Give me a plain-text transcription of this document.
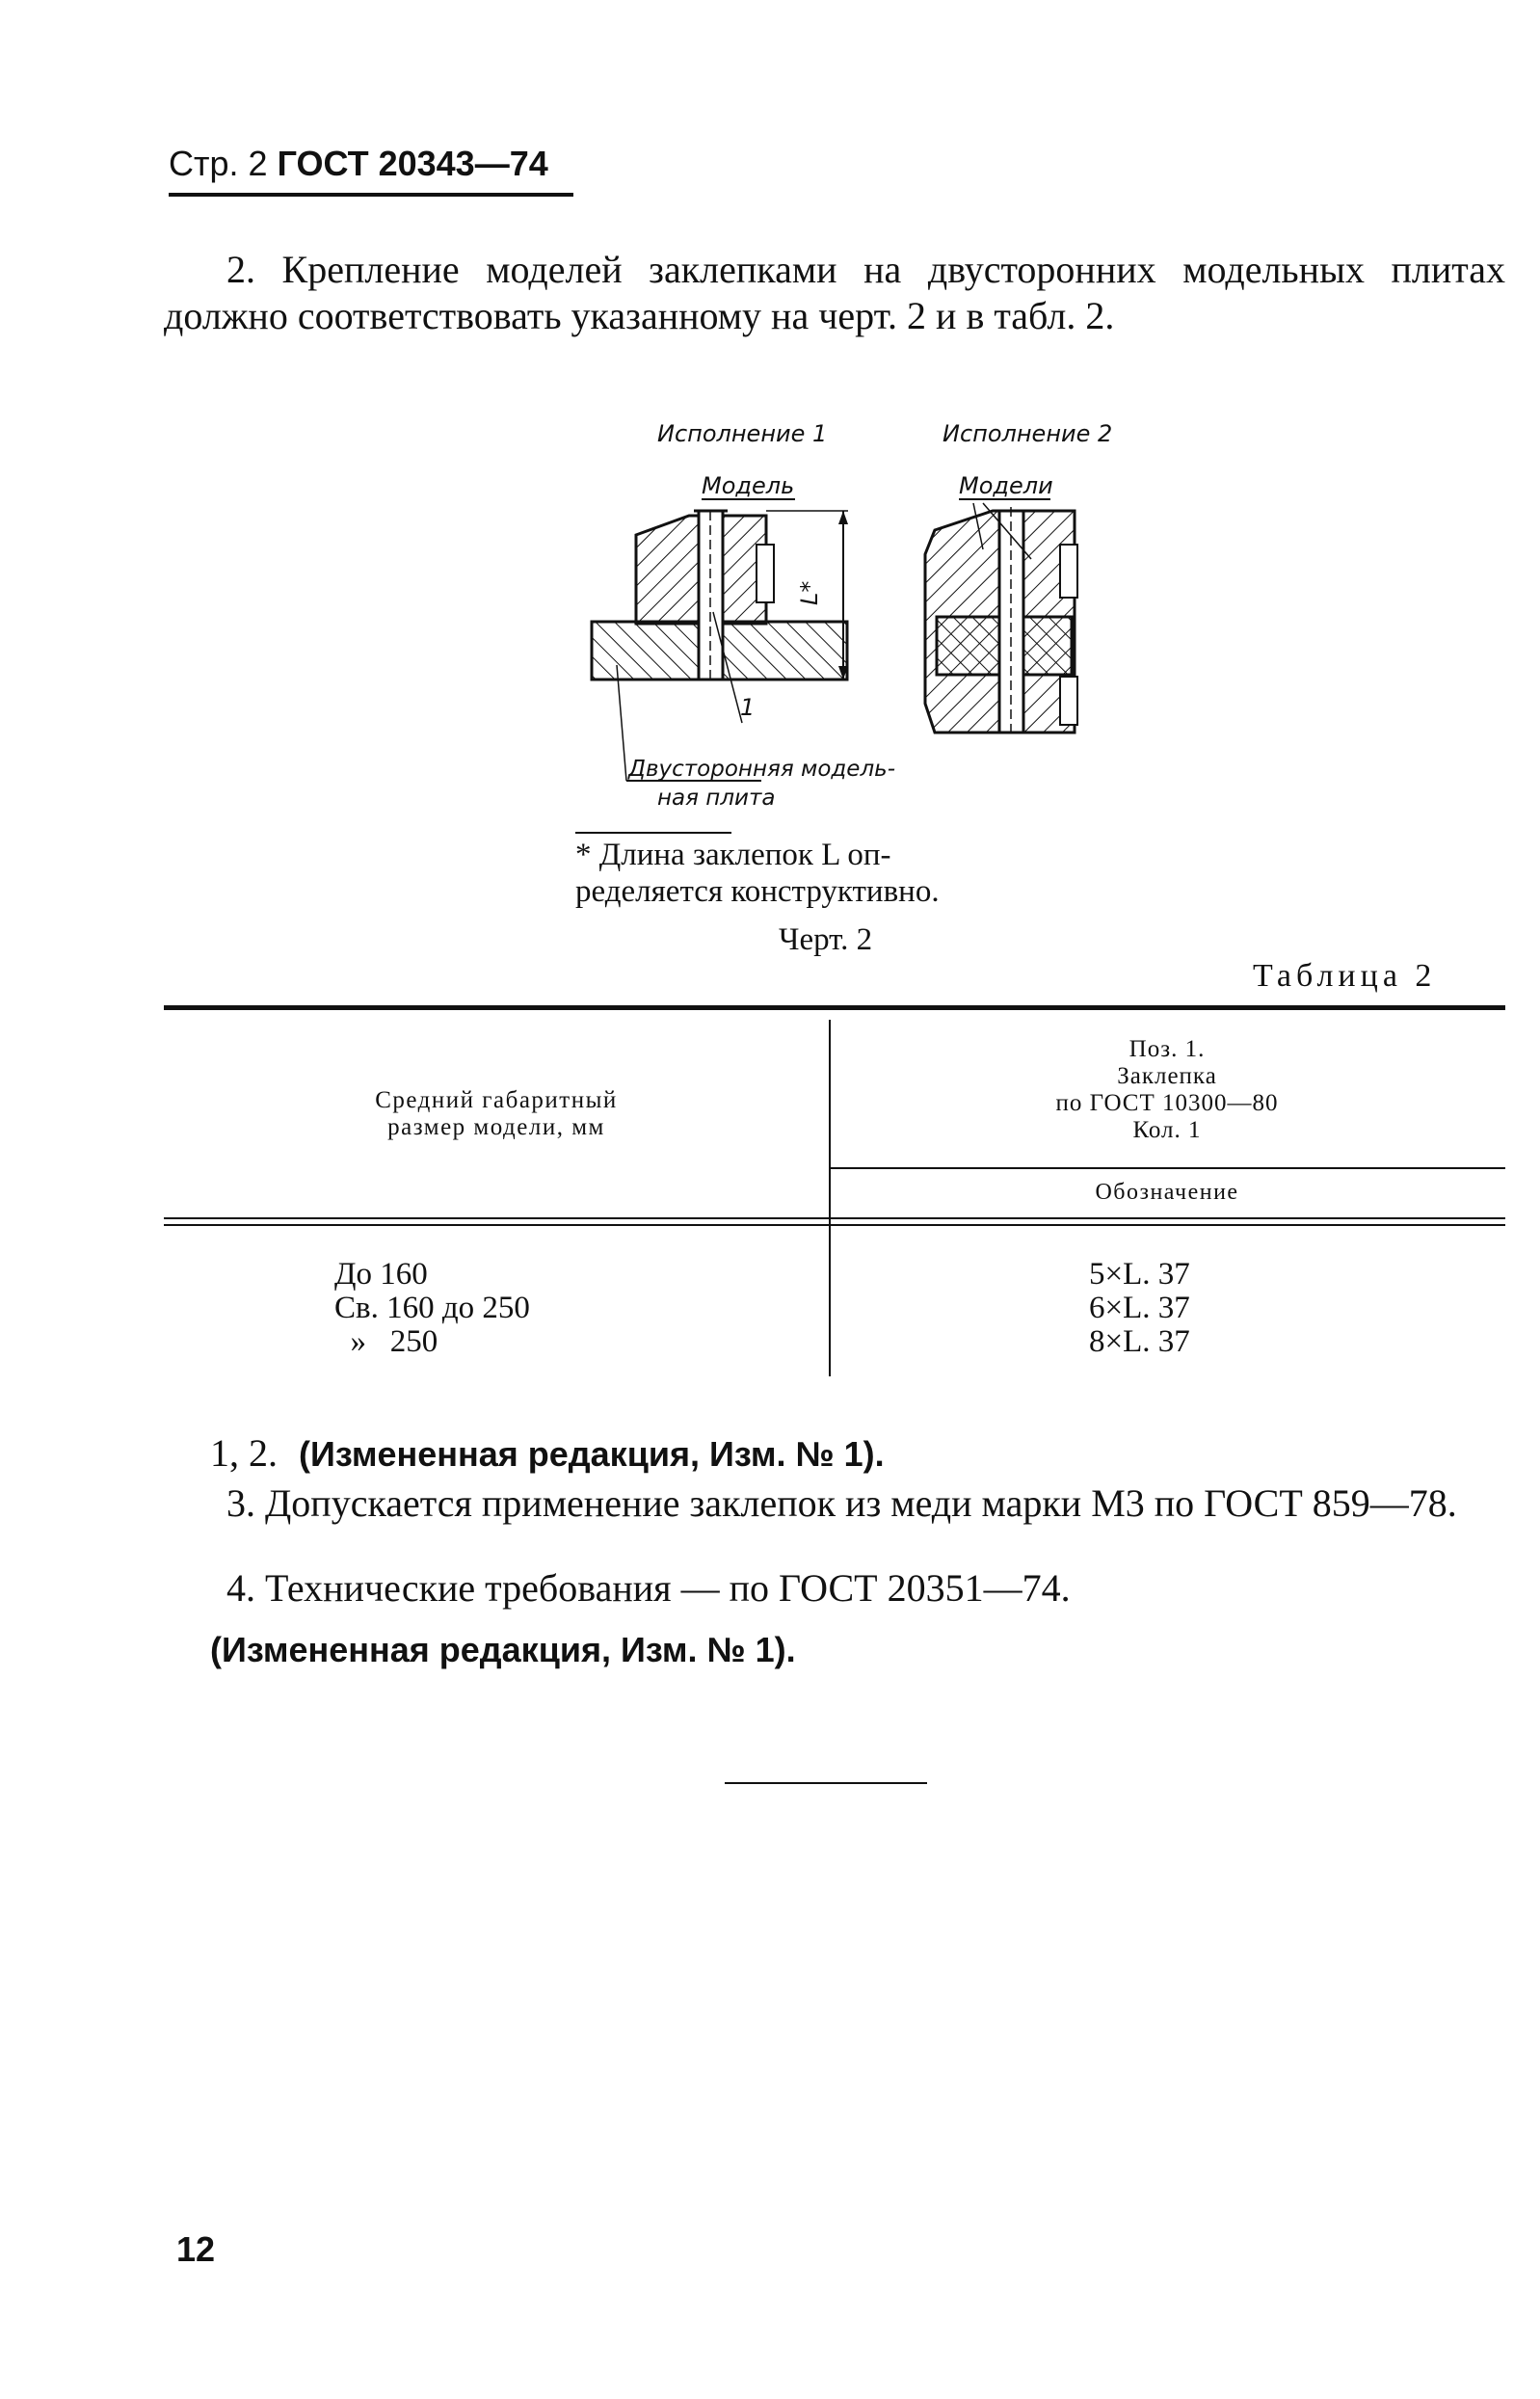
Стр. 2 ГОСТ 20343—74

2. Крепление моделей заклепками на двусторонних модельных плитах должно соответствовать указанному на черт. 2 и в табл. 2.

Исполнение 1	Исполнение 2
Модель	Модели
L*
1
Двусторонняя модель-
ная плита
* Длина заклепок L оп-
ределяется конструктивно.
Черт. 2
Таблица 2
Средний габаритный
размер модели, мм
Поз. 1.
Заклепка
по ГОСТ 10300—80
Кол. 1
Обозначение
До 160	5×L. 37
Св. 160 до 250	6×L. 37
»   250	8×L. 37
1, 2. (Измененная редакция, Изм. № 1).

3. Допускается применение заклепок из меди марки М3 по ГОСТ 859—78.

4. Технические требования — по ГОСТ 20351—74.

(Измененная редакция, Изм. № 1).
12
